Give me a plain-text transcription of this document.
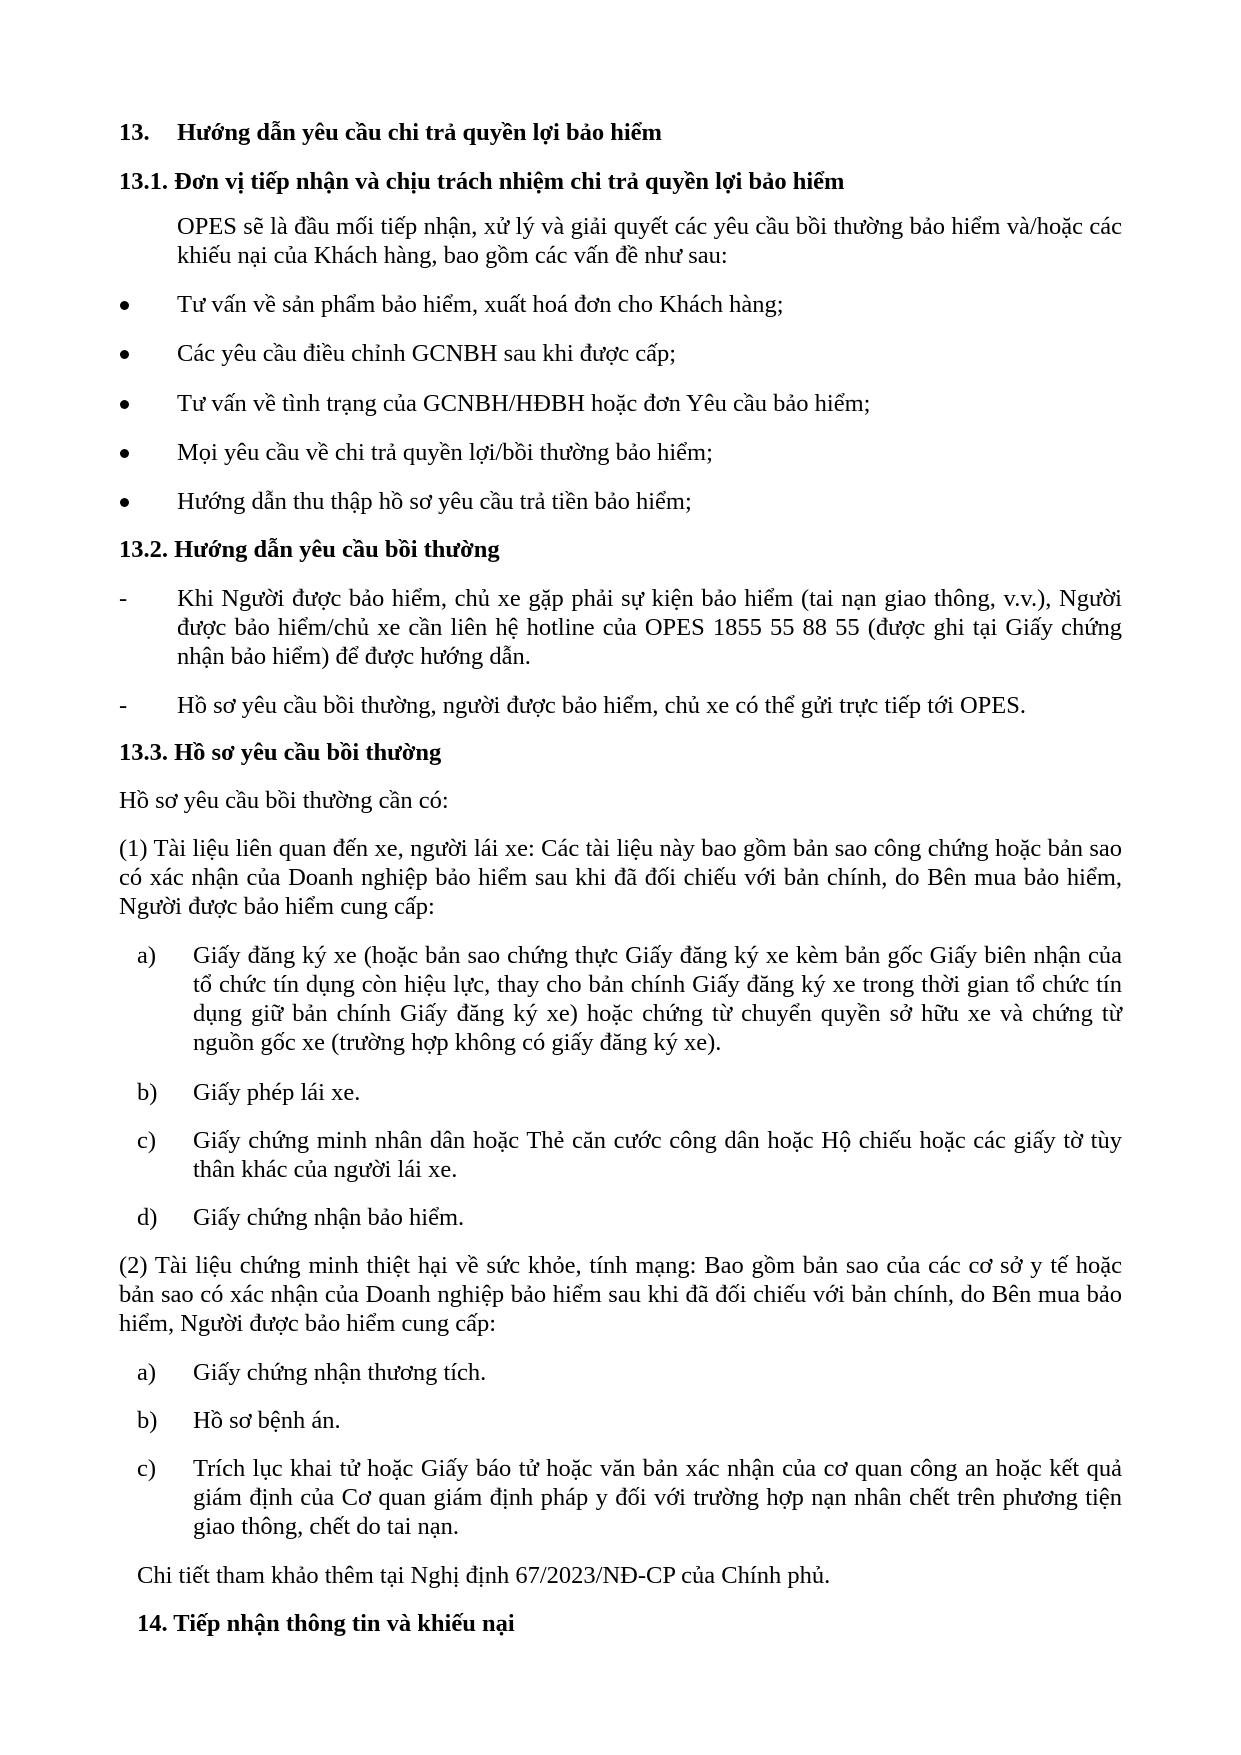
13. Hướng dẫn yêu cầu chi trả quyền lợi bảo hiểm
13.1. Đơn vị tiếp nhận và chịu trách nhiệm chi trả quyền lợi bảo hiểm
OPES sẽ là đầu mối tiếp nhận, xử lý và giải quyết các yêu cầu bồi thường bảo hiểm và/hoặc các khiếu nại của Khách hàng, bao gồm các vấn đề như sau:
Tư vấn về sản phẩm bảo hiểm, xuất hoá đơn cho Khách hàng;
Các yêu cầu điều chỉnh GCNBH sau khi được cấp;
Tư vấn về tình trạng của GCNBH/HĐBH hoặc đơn Yêu cầu bảo hiểm;
Mọi yêu cầu về chi trả quyền lợi/bồi thường bảo hiểm;
Hướng dẫn thu thập hồ sơ yêu cầu trả tiền bảo hiểm;
13.2. Hướng dẫn yêu cầu bồi thường
- Khi Người được bảo hiểm, chủ xe gặp phải sự kiện bảo hiểm (tai nạn giao thông, v.v.), Người được bảo hiểm/chủ xe cần liên hệ hotline của OPES 1855 55 88 55 (được ghi tại Giấy chứng nhận bảo hiểm) để được hướng dẫn.
- Hồ sơ yêu cầu bồi thường, người được bảo hiểm, chủ xe có thể gửi trực tiếp tới OPES.
13.3. Hồ sơ yêu cầu bồi thường
Hồ sơ yêu cầu bồi thường cần có:
(1) Tài liệu liên quan đến xe, người lái xe: Các tài liệu này bao gồm bản sao công chứng hoặc bản sao có xác nhận của Doanh nghiệp bảo hiểm sau khi đã đối chiếu với bản chính, do Bên mua bảo hiểm, Người được bảo hiểm cung cấp:
a) Giấy đăng ký xe (hoặc bản sao chứng thực Giấy đăng ký xe kèm bản gốc Giấy biên nhận của tổ chức tín dụng còn hiệu lực, thay cho bản chính Giấy đăng ký xe trong thời gian tổ chức tín dụng giữ bản chính Giấy đăng ký xe) hoặc chứng từ chuyển quyền sở hữu xe và chứng từ nguồn gốc xe (trường hợp không có giấy đăng ký xe).
b) Giấy phép lái xe.
c) Giấy chứng minh nhân dân hoặc Thẻ căn cước công dân hoặc Hộ chiếu hoặc các giấy tờ tùy thân khác của người lái xe.
d) Giấy chứng nhận bảo hiểm.
(2) Tài liệu chứng minh thiệt hại về sức khỏe, tính mạng: Bao gồm bản sao của các cơ sở y tế hoặc bản sao có xác nhận của Doanh nghiệp bảo hiểm sau khi đã đối chiếu với bản chính, do Bên mua bảo hiểm, Người được bảo hiểm cung cấp:
a) Giấy chứng nhận thương tích.
b) Hồ sơ bệnh án.
c) Trích lục khai tử hoặc Giấy báo tử hoặc văn bản xác nhận của cơ quan công an hoặc kết quả giám định của Cơ quan giám định pháp y đối với trường hợp nạn nhân chết trên phương tiện giao thông, chết do tai nạn.
Chi tiết tham khảo thêm tại Nghị định 67/2023/NĐ-CP của Chính phủ.
14. Tiếp nhận thông tin và khiếu nại
